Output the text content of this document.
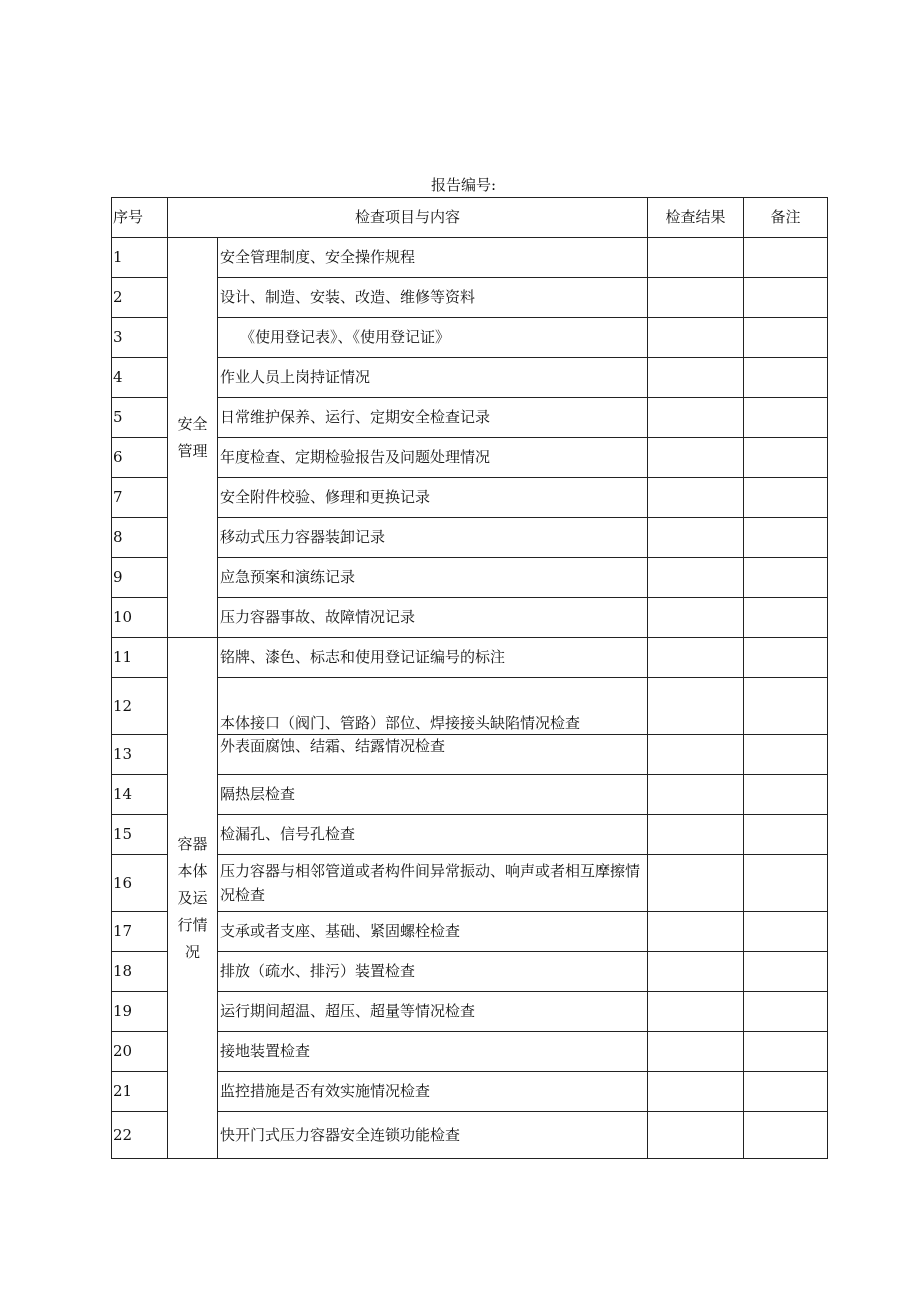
报告编号:
序号	检查项目与内容		检查结果	备注
1	安全管理	安全管理制度、安全操作规程		
2		设计、制造、安装、改造、维修等资料		
3		《使用登记表》、《使用登记证》		
4		作业人员上岗持证情况		
5		日常维护保养、运行、定期安全检查记录		
6		年度检查、定期检验报告及问题处理情况		
7		安全附件校验、修理和更换记录		
8		移动式压力容器装卸记录		
9		应急预案和演练记录		
10		压力容器事故、故障情况记录		
11	容器本体及运行情况	铭牌、漆色、标志和使用登记证编号的标注		
12		本体接口（阀门、管路）部位、焊接接头缺陷情况检查		
13		外表面腐蚀、结霜、结露情况检查		
14		隔热层检查		
15		检漏孔、信号孔检查		
16		压力容器与相邻管道或者构件间异常振动、响声或者相互摩擦情况检查		
17		支承或者支座、基础、紧固螺栓检查		
18		排放（疏水、排污）装置检查		
19		运行期间超温、超压、超量等情况检查		
20		接地装置检查		
21		监控措施是否有效实施情况检查		
22		快开门式压力容器安全连锁功能检查		
